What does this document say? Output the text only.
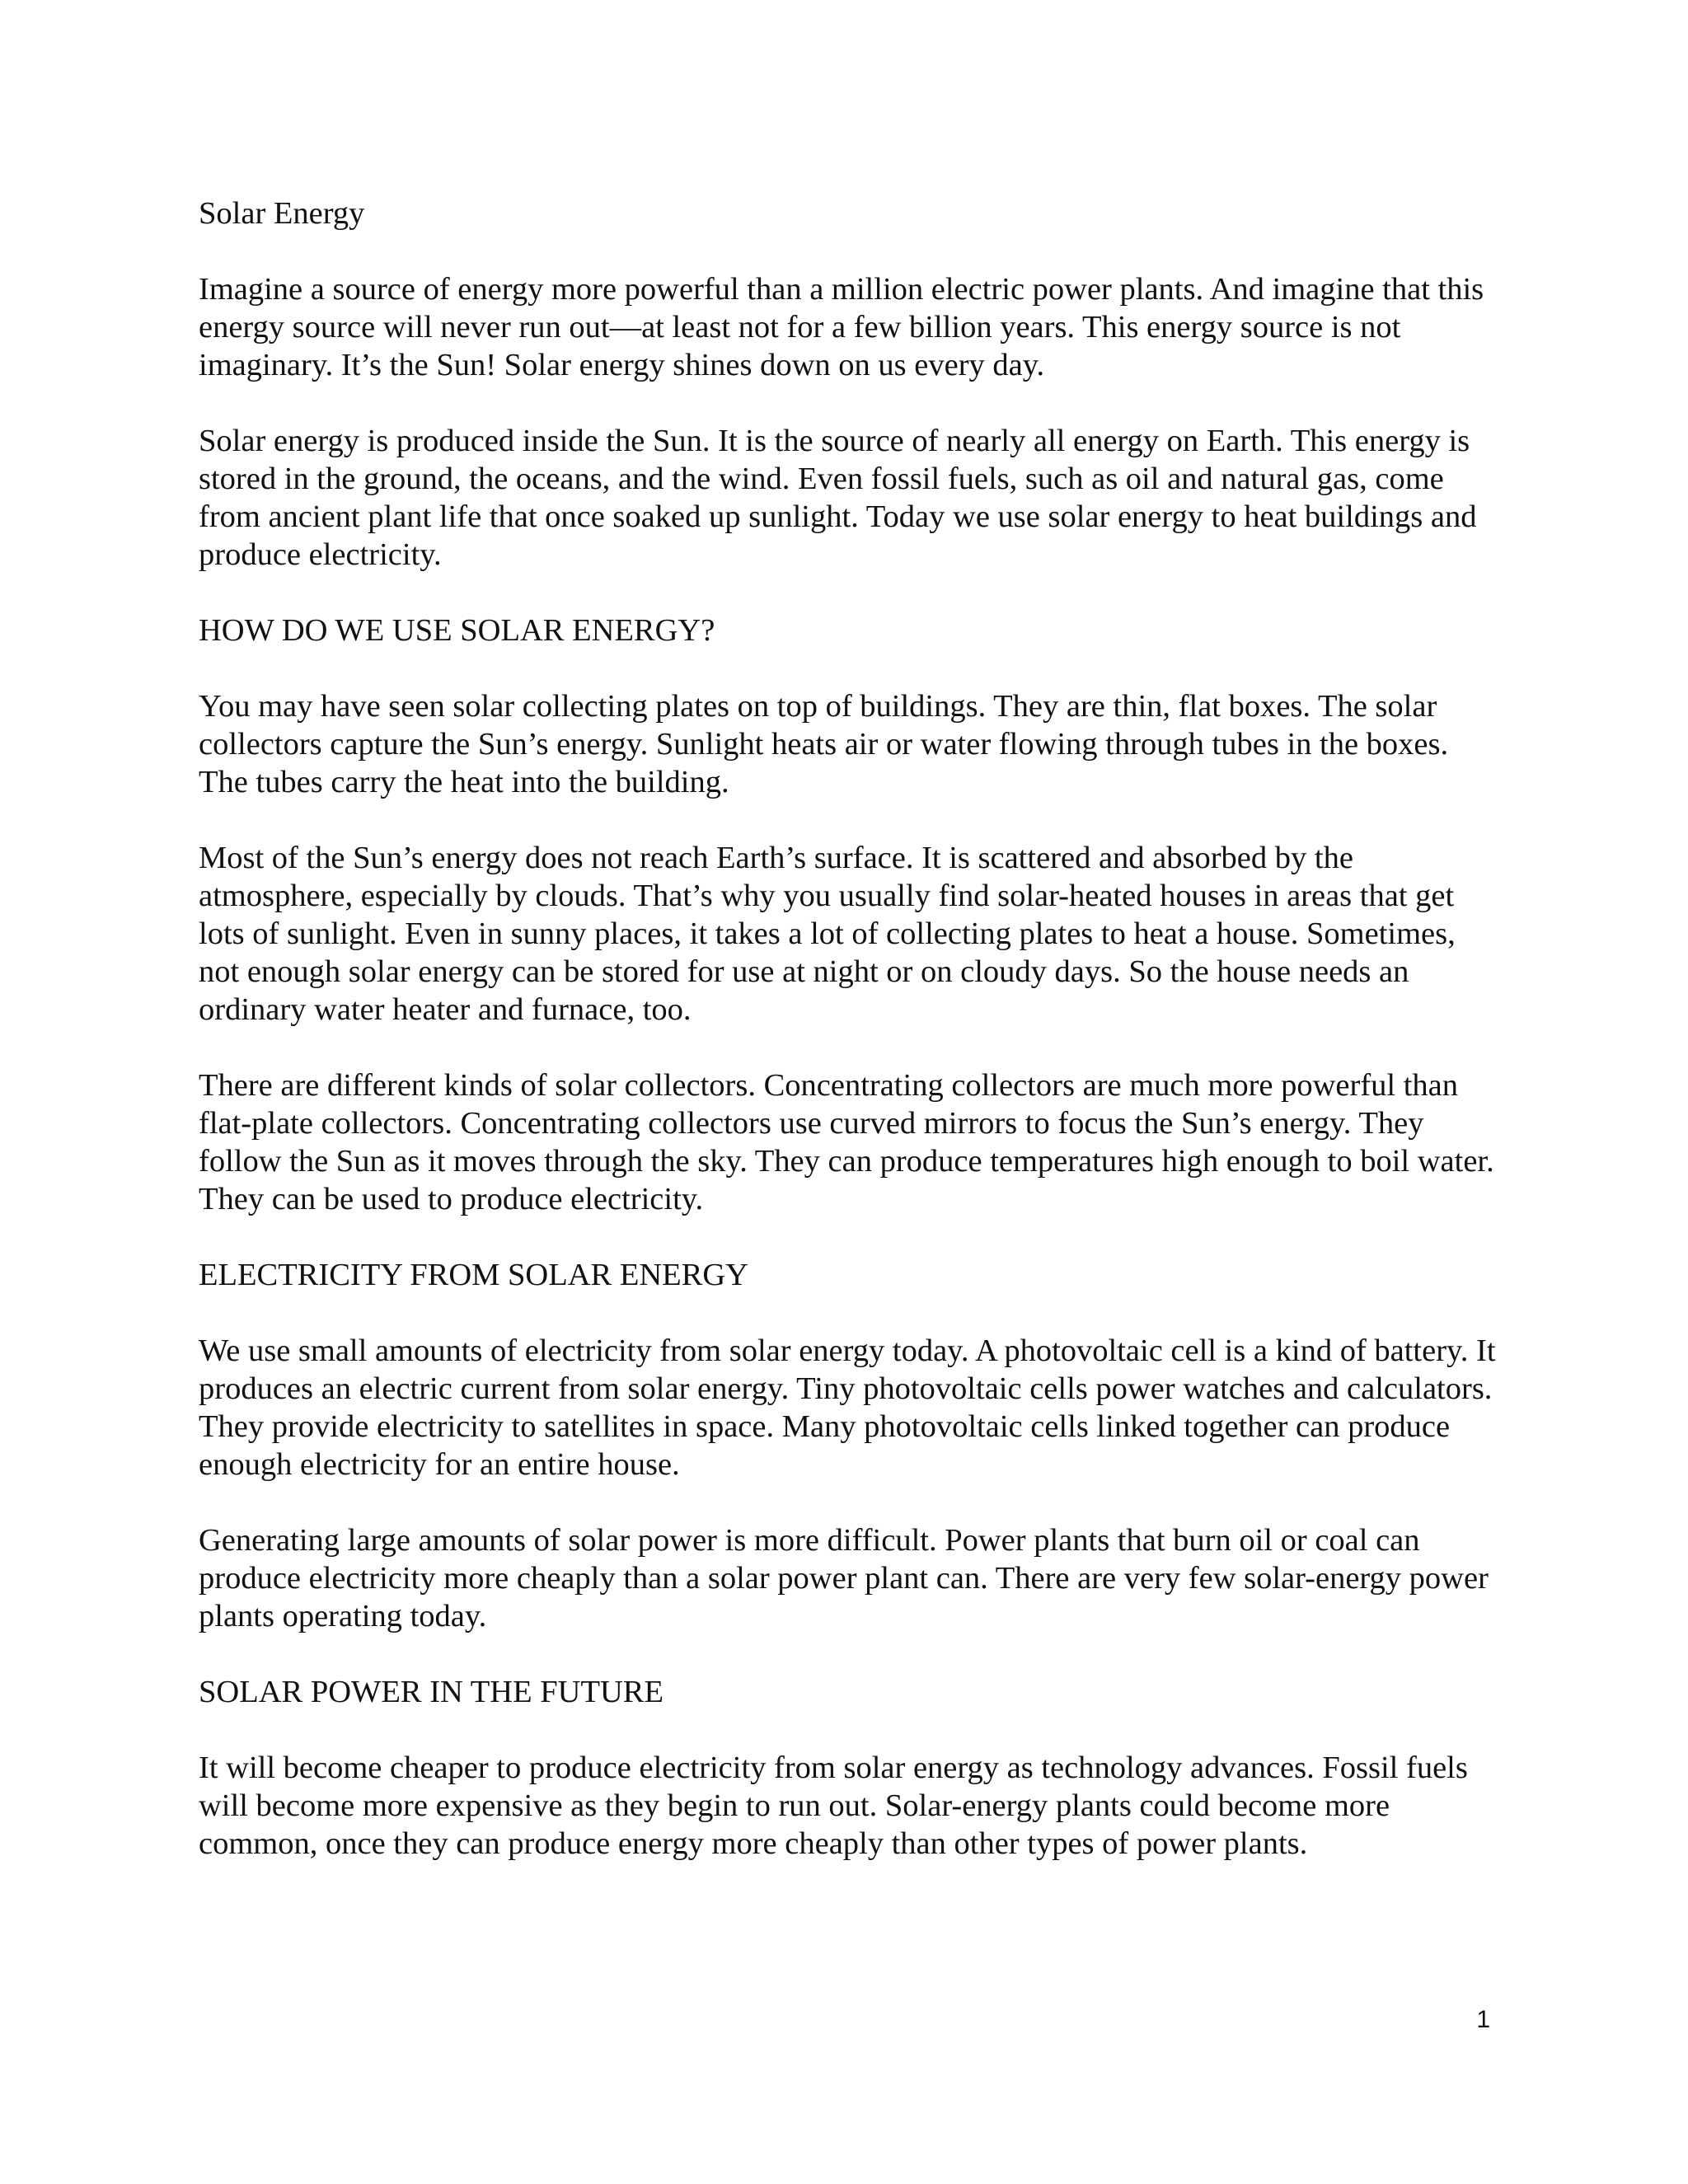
Solar Energy

Imagine a source of energy more powerful than a million electric power plants. And imagine that this energy source will never run out—at least not for a few billion years. This energy source is not imaginary. It’s the Sun! Solar energy shines down on us every day.

Solar energy is produced inside the Sun. It is the source of nearly all energy on Earth. This energy is stored in the ground, the oceans, and the wind. Even fossil fuels, such as oil and natural gas, come from ancient plant life that once soaked up sunlight. Today we use solar energy to heat buildings and produce electricity.

HOW DO WE USE SOLAR ENERGY?

You may have seen solar collecting plates on top of buildings. They are thin, flat boxes. The solar collectors capture the Sun’s energy. Sunlight heats air or water flowing through tubes in the boxes. The tubes carry the heat into the building.

Most of the Sun’s energy does not reach Earth’s surface. It is scattered and absorbed by the atmosphere, especially by clouds. That’s why you usually find solar-heated houses in areas that get lots of sunlight. Even in sunny places, it takes a lot of collecting plates to heat a house. Sometimes, not enough solar energy can be stored for use at night or on cloudy days. So the house needs an ordinary water heater and furnace, too.

There are different kinds of solar collectors. Concentrating collectors are much more powerful than flat-plate collectors. Concentrating collectors use curved mirrors to focus the Sun’s energy. They follow the Sun as it moves through the sky. They can produce temperatures high enough to boil water. They can be used to produce electricity.

ELECTRICITY FROM SOLAR ENERGY

We use small amounts of electricity from solar energy today. A photovoltaic cell is a kind of battery. It produces an electric current from solar energy. Tiny photovoltaic cells power watches and calculators. They provide electricity to satellites in space. Many photovoltaic cells linked together can produce enough electricity for an entire house.

Generating large amounts of solar power is more difficult. Power plants that burn oil or coal can produce electricity more cheaply than a solar power plant can. There are very few solar-energy power plants operating today.

SOLAR POWER IN THE FUTURE

It will become cheaper to produce electricity from solar energy as technology advances. Fossil fuels will become more expensive as they begin to run out. Solar-energy plants could become more common, once they can produce energy more cheaply than other types of power plants.

1
